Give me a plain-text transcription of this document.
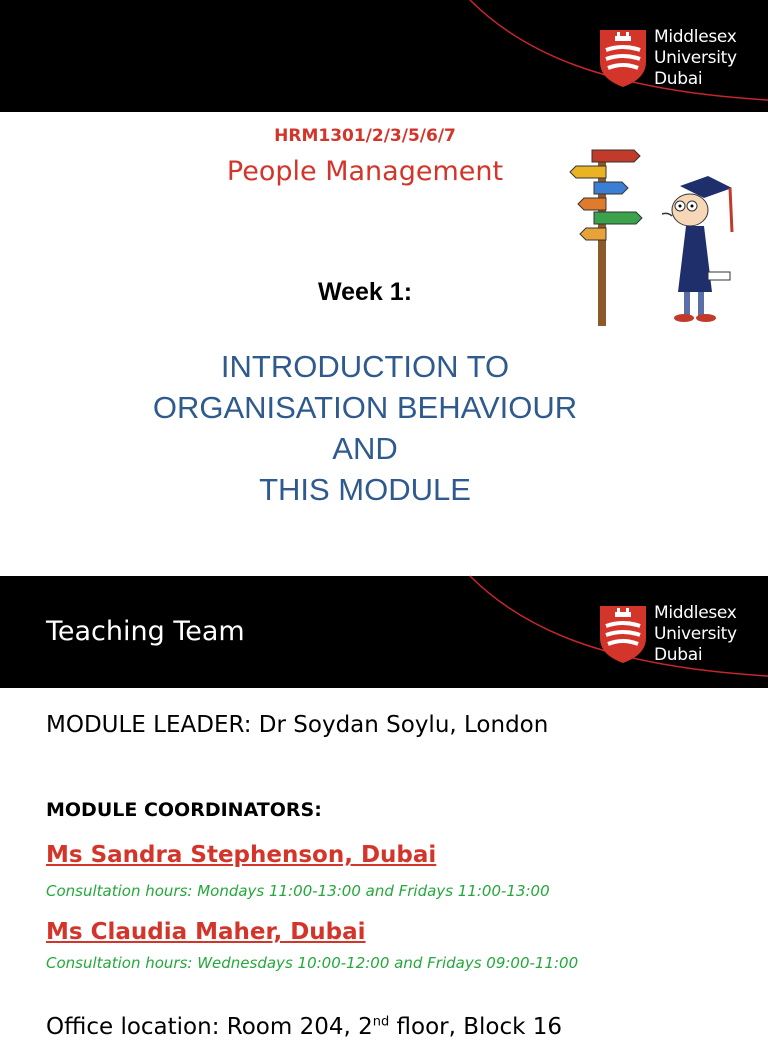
Middlesex
University
Dubai
HRM1301/2/3/5/6/7
People Management
Week 1:
INTRODUCTION TO
ORGANISATION BEHAVIOUR
AND
THIS MODULE
Middlesex
University
Dubai
Teaching Team
MODULE LEADER: Dr Soydan Soylu, London
MODULE COORDINATORS:
Ms Sandra Stephenson, Dubai
Consultation hours: Mondays 11:00-13:00 and Fridays 11:00-13:00
Ms Claudia Maher, Dubai
Consultation hours: Wednesdays 10:00-12:00 and Fridays 09:00-11:00
Office location: Room 204, 2nd floor, Block 16
